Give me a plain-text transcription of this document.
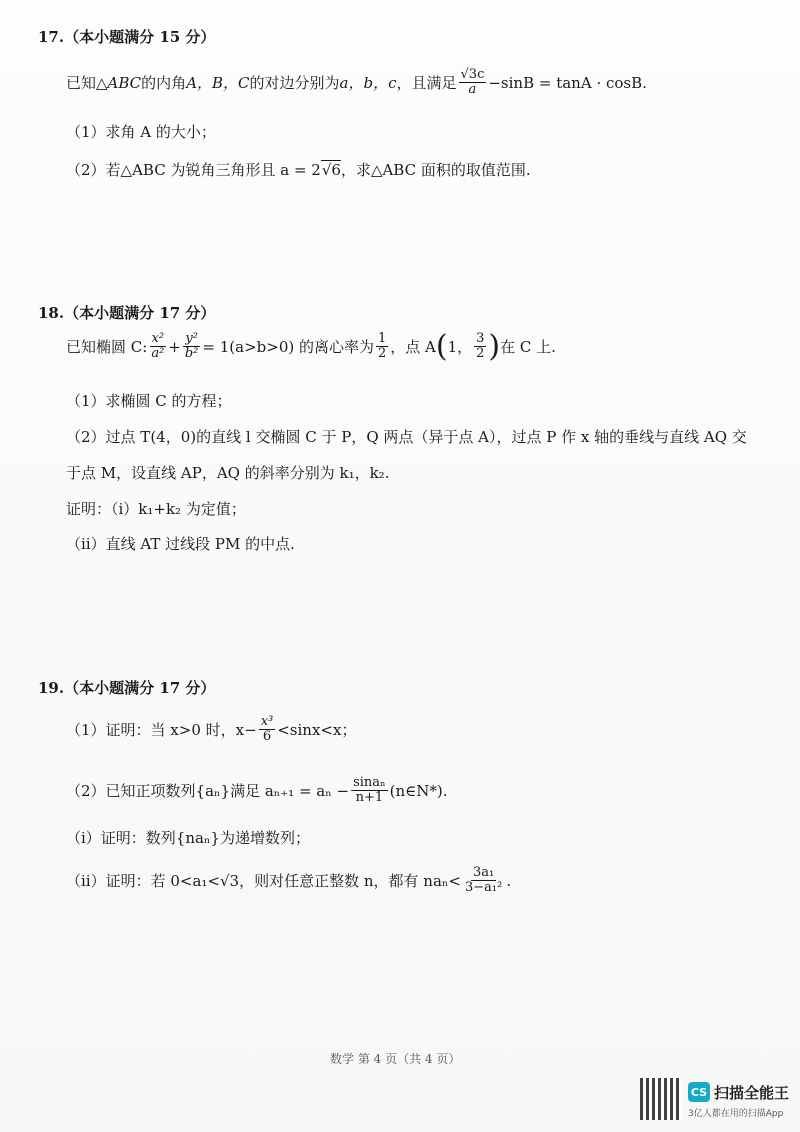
17.（本小题满分 15 分）
已知△ ABC 的内角 A，B，C 的对边分别为 a，b，c ，且满足 $\frac{√3c}{a} -\sin B = \tan A \cdot \cos B$.
（1）求角 A 的大小；
（2）若△ABC 为锐角三角形且 a = 2 √6 ，求△ABC 面积的取值范围.
18.（本小题满分 17 分）
已知椭圆 C: $\frac{\text{x²}}{\text{a²}} + \frac{\text{y²}}{\text{b²}} = 1(a>b>0)$ 的离心率为 $\frac{1}{2}$ ，点 A ( 1， $\frac{3}{2}$ ) 在 C 上.
（1）求椭圆 C 的方程；
（2）过点 T(4，0)的直线 l 交椭圆 C 于 P，Q 两点（异于点 A），过点 P 作 x 轴的垂线与直线 AQ 交
于点 M，设直线 AP，AQ 的斜率分别为 k₁，k₂.
证明：（ⅰ）k₁+k₂ 为定值；
（ⅱ）直线 AT 过线段 PM 的中点.
19.（本小题满分 17 分）
（1）证明：当 x>0 时，$x- \frac{\text{x³}}{6} <\sin x<x$；
（2）已知正项数列{aₙ}满足 $a_{n+1} = a_n - \frac{\text{sinaₙ}}{n+1}$ (n∈N*).
（ⅰ）证明：数列{naₙ}为递增数列；
（ⅱ）证明：若 0<a₁<√3，则对任意正整数 n，都有 $na_n< \frac{\text{3a₁}}{\text{3−a₁²}}$ .
数学 第 4 页（共 4 页）
CS 扫描全能王
3亿人都在用的扫描App
